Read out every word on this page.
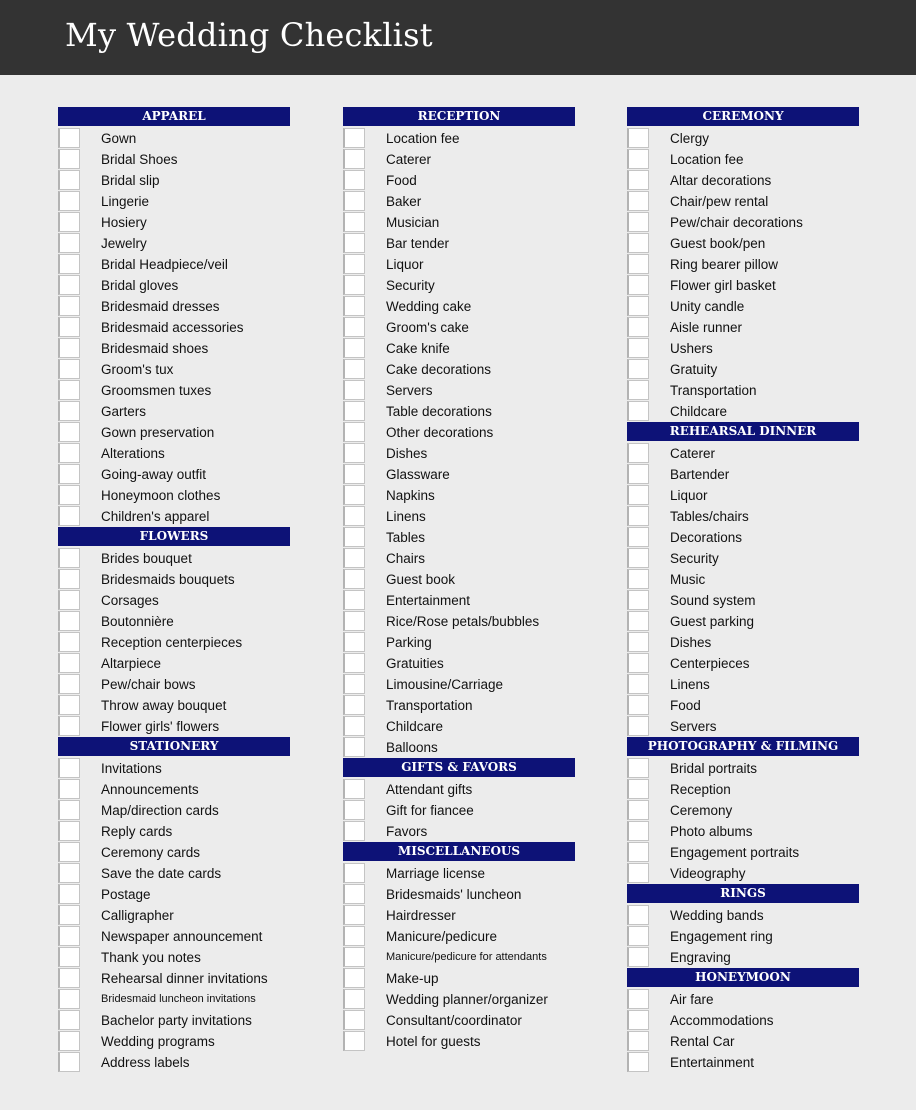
My Wedding Checklist
APPAREL
Gown
Bridal Shoes
Bridal slip
Lingerie
Hosiery
Jewelry
Bridal Headpiece/veil
Bridal gloves
Bridesmaid dresses
Bridesmaid accessories
Bridesmaid shoes
Groom's tux
Groomsmen tuxes
Garters
Gown preservation
Alterations
Going-away outfit
Honeymoon clothes
Children's apparel
FLOWERS
Brides bouquet
Bridesmaids bouquets
Corsages
Boutonnière
Reception centerpieces
Altarpiece
Pew/chair bows
Throw away bouquet
Flower girls' flowers
STATIONERY
Invitations
Announcements
Map/direction cards
Reply cards
Ceremony cards
Save the date cards
Postage
Calligrapher
Newspaper announcement
Thank you notes
Rehearsal dinner invitations
Bridesmaid luncheon invitations
Bachelor party invitations
Wedding programs
Address labels
RECEPTION
Location fee
Caterer
Food
Baker
Musician
Bar tender
Liquor
Security
Wedding cake
Groom's cake
Cake knife
Cake decorations
Servers
Table decorations
Other decorations
Dishes
Glassware
Napkins
Linens
Tables
Chairs
Guest book
Entertainment
Rice/Rose petals/bubbles
Parking
Gratuities
Limousine/Carriage
Transportation
Childcare
Balloons
GIFTS & FAVORS
Attendant gifts
Gift for fiancee
Favors
MISCELLANEOUS
Marriage license
Bridesmaids' luncheon
Hairdresser
Manicure/pedicure
Manicure/pedicure for attendants
Make-up
Wedding planner/organizer
Consultant/coordinator
Hotel for guests
CEREMONY
Clergy
Location fee
Altar decorations
Chair/pew rental
Pew/chair decorations
Guest book/pen
Ring bearer pillow
Flower girl basket
Unity candle
Aisle runner
Ushers
Gratuity
Transportation
Childcare
REHEARSAL DINNER
Caterer
Bartender
Liquor
Tables/chairs
Decorations
Security
Music
Sound system
Guest parking
Dishes
Centerpieces
Linens
Food
Servers
PHOTOGRAPHY & FILMING
Bridal portraits
Reception
Ceremony
Photo albums
Engagement portraits
Videography
RINGS
Wedding bands
Engagement ring
Engraving
HONEYMOON
Air fare
Accommodations
Rental Car
Entertainment
